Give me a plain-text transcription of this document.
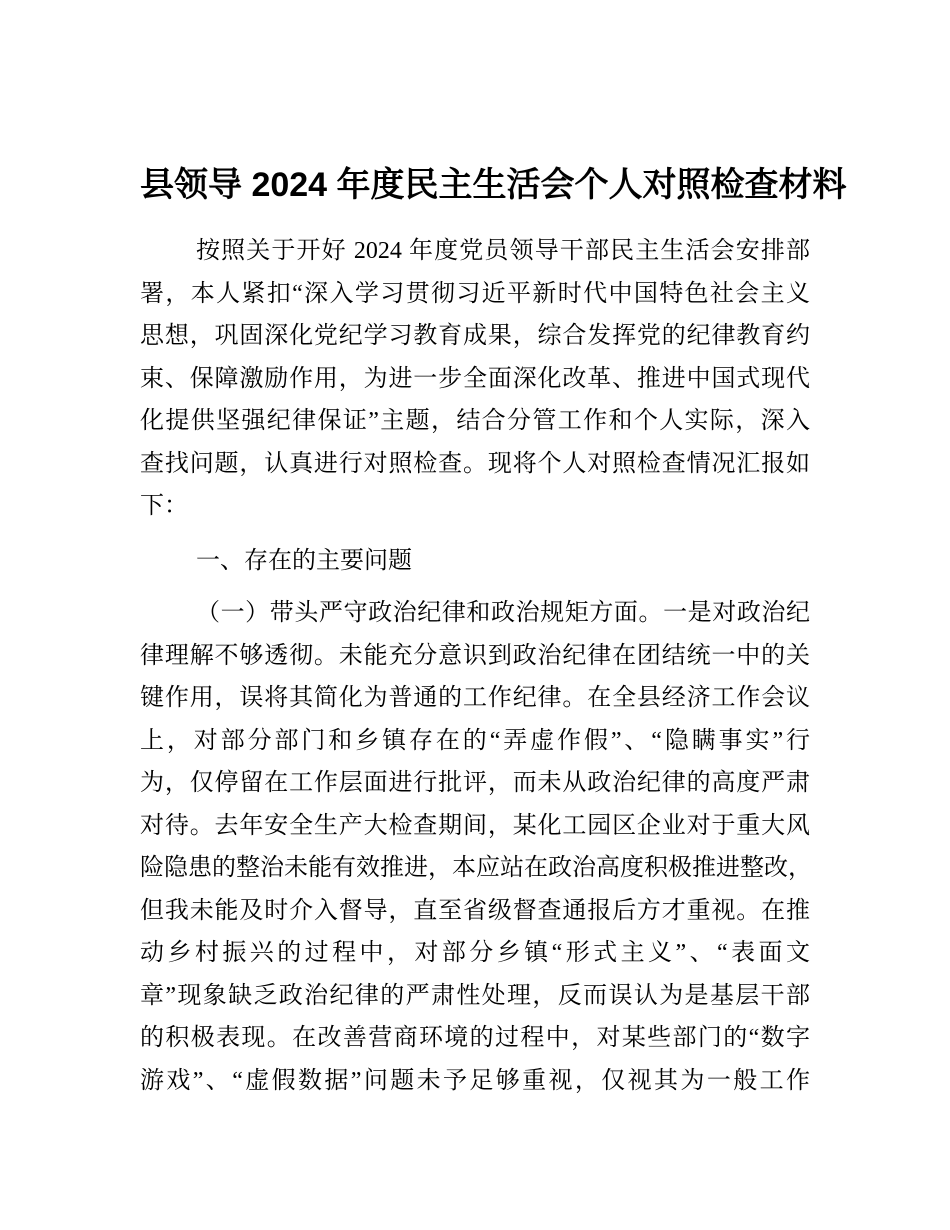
县领导 2024 年度民主生活会个人对照检查材料
按照关于开好 2024 年度党员领导干部民主生活会安排部
署，本人紧扣“深入学习贯彻习近平新时代中国特色社会主义
思想，巩固深化党纪学习教育成果，综合发挥党的纪律教育约
束、保障激励作用，为进一步全面深化改革、推进中国式现代
化提供坚强纪律保证”主题，结合分管工作和个人实际，深入
查找问题，认真进行对照检查。现将个人对照检查情况汇报如
下：
一、存在的主要问题
（一）带头严守政治纪律和政治规矩方面。一是对政治纪
律理解不够透彻。未能充分意识到政治纪律在团结统一中的关
键作用，误将其简化为普通的工作纪律。在全县经济工作会议
上，对部分部门和乡镇存在的“弄虚作假”、“隐瞒事实”行
为，仅停留在工作层面进行批评，而未从政治纪律的高度严肃
对待。去年安全生产大检查期间，某化工园区企业对于重大风
险隐患的整治未能有效推进，本应站在政治高度积极推进整改，
但我未能及时介入督导，直至省级督查通报后方才重视。在推
动乡村振兴的过程中，对部分乡镇“形式主义”、“表面文
章”现象缺乏政治纪律的严肃性处理，反而误认为是基层干部
的积极表现。在改善营商环境的过程中，对某些部门的“数字
游戏”、“虚假数据”问题未予足够重视，仅视其为一般工作
